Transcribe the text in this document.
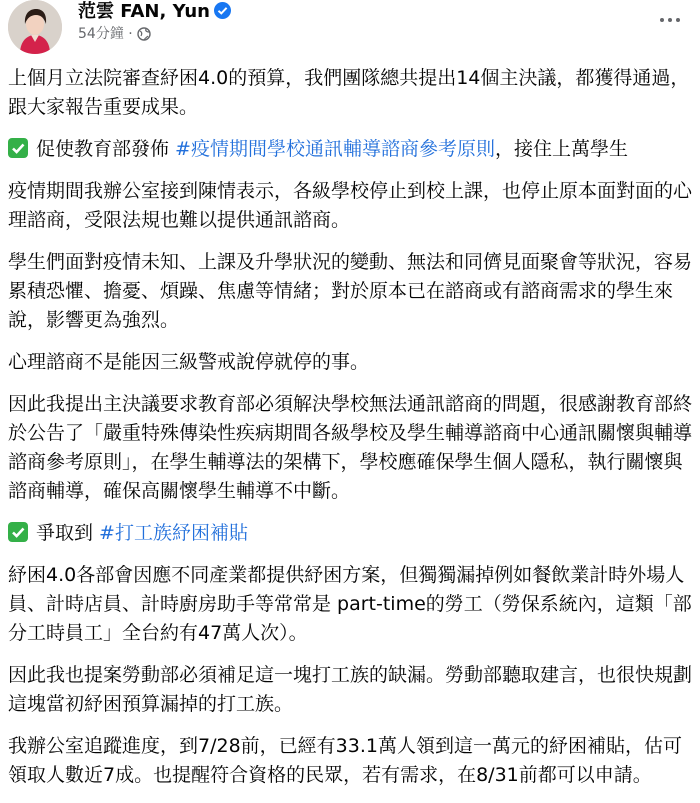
范雲 FAN, Yun
54分鐘 ·
上個月立法院審查紓困4.0的預算，我們團隊總共提出14個主決議，都獲得通過，跟大家報告重要成果。
促使教育部發佈 #疫情期間學校通訊輔導諮商參考原則，接住上萬學生
疫情期間我辦公室接到陳情表示，各級學校停止到校上課，也停止原本面對面的心理諮商，受限法規也難以提供通訊諮商。
學生們面對疫情未知、上課及升學狀況的變動、無法和同儕見面聚會等狀況，容易累積恐懼、擔憂、煩躁、焦慮等情緒；對於原本已在諮商或有諮商需求的學生來說，影響更為強烈。
心理諮商不是能因三級警戒說停就停的事。
因此我提出主決議要求教育部必須解決學校無法通訊諮商的問題，很感謝教育部終於公告了「嚴重特殊傳染性疾病期間各級學校及學生輔導諮商中心通訊關懷與輔導諮商參考原則」，在學生輔導法的架構下，學校應確保學生個人隱私，執行關懷與諮商輔導，確保高關懷學生輔導不中斷。
爭取到 #打工族紓困補貼
紓困4.0各部會因應不同產業都提供紓困方案，但獨獨漏掉例如餐飲業計時外場人員、計時店員、計時廚房助手等常常是 part-time的勞工（勞保系統內，這類「部分工時員工」全台約有47萬人次）。
因此我也提案勞動部必須補足這一塊打工族的缺漏。勞動部聽取建言，也很快規劃這塊當初紓困預算漏掉的打工族。
我辦公室追蹤進度，到7/28前，已經有33.1萬人領到這一萬元的紓困補貼，估可領取人數近7成。也提醒符合資格的民眾，若有需求，在8/31前都可以申請。
